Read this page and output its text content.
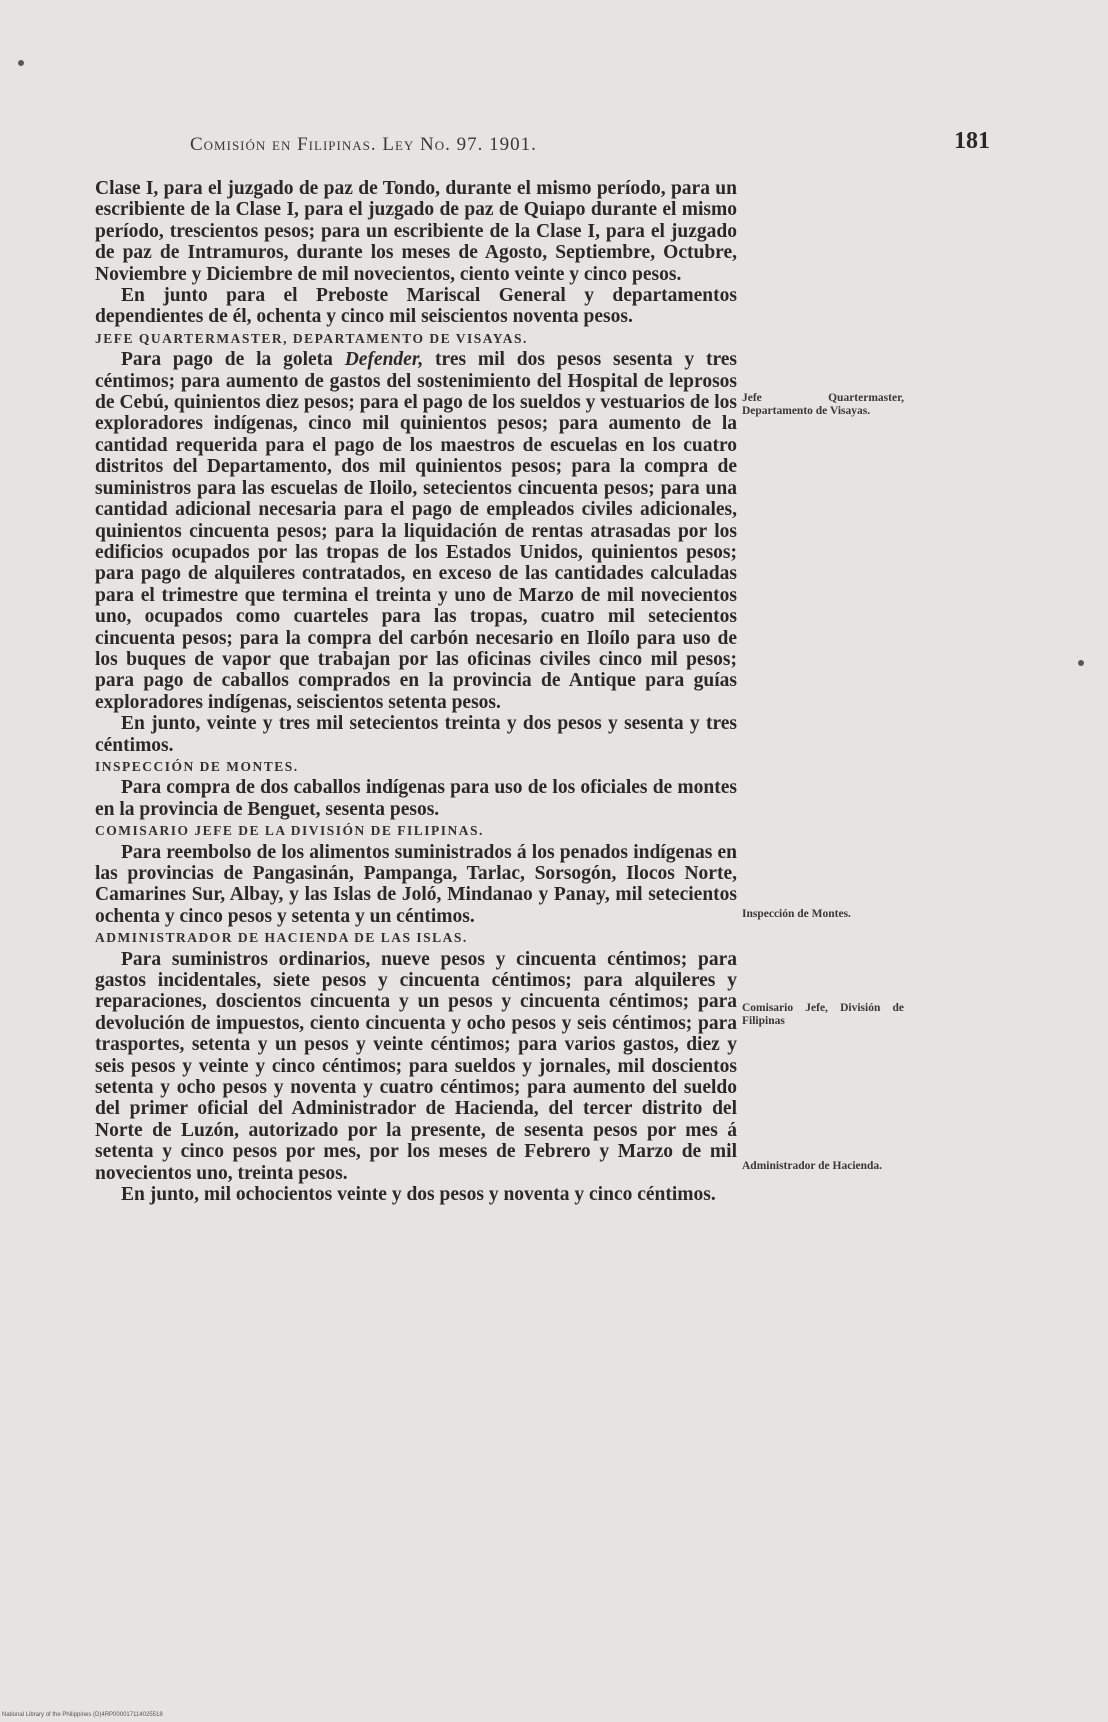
Comisión en Filipinas. Ley No. 97. 1901.	181

Clase I, para el juzgado de paz de Tondo, durante el mismo período, para un escribiente de la Clase I, para el juzgado de paz de Quiapo durante el mismo período, trescientos pesos; para un escribiente de la Clase I, para el juzgado de paz de Intramuros, durante los meses de Agosto, Septiembre, Octubre, Noviembre y Diciembre de mil novecientos, ciento veinte y cinco pesos.

En junto para el Preboste Mariscal General y departamentos dependientes de él, ochenta y cinco mil seiscientos noventa pesos.

JEFE QUARTERMASTER, DEPARTAMENTO DE VISAYAS.

Para pago de la goleta Defender, tres mil dos pesos sesenta y tres céntimos; para aumento de gastos del sostenimiento del Hospital de leprosos de Cebú, quinientos diez pesos; para el pago de los sueldos y vestuarios de los exploradores indígenas, cinco mil quinientos pesos; para aumento de la cantidad requerida para el pago de los maestros de escuelas en los cuatro distritos del Departamento, dos mil quinientos pesos; para la compra de suministros para las escuelas de Iloilo, setecientos cincuenta pesos; para una cantidad adicional necesaria para el pago de empleados civiles adicionales, quinientos cincuenta pesos; para la liquidación de rentas atrasadas por los edificios ocupados por las tropas de los Estados Unidos, quinientos pesos; para pago de alquileres contratados, en exceso de las cantidades calculadas para el trimestre que termina el treinta y uno de Marzo de mil novecientos uno, ocupados como cuarteles para las tropas, cuatro mil setecientos cincuenta pesos; para la compra del carbón necesario en Iloílo para uso de los buques de vapor que trabajan por las oficinas civiles cinco mil pesos; para pago de caballos comprados en la provincia de Antique para guías exploradores indígenas, seiscientos setenta pesos.

En junto, veinte y tres mil setecientos treinta y dos pesos y sesenta y tres céntimos.

INSPECCIÓN DE MONTES.

Para compra de dos caballos indígenas para uso de los oficiales de montes en la provincia de Benguet, sesenta pesos.

COMISARIO JEFE DE LA DIVISIÓN DE FILIPINAS.

Para reembolso de los alimentos suministrados á los penados indígenas en las provincias de Pangasinán, Pampanga, Tarlac, Sorsogón, Ilocos Norte, Camarines Sur, Albay, y las Islas de Joló, Mindanao y Panay, mil setecientos ochenta y cinco pesos y setenta y un céntimos.

ADMINISTRADOR DE HACIENDA DE LAS ISLAS.

Para suministros ordinarios, nueve pesos y cincuenta céntimos; para gastos incidentales, siete pesos y cincuenta céntimos; para alquileres y reparaciones, doscientos cincuenta y un pesos y cincuenta céntimos; para devolución de impuestos, ciento cincuenta y ocho pesos y seis céntimos; para trasportes, setenta y un pesos y veinte céntimos; para varios gastos, diez y seis pesos y veinte y cinco céntimos; para sueldos y jornales, mil doscientos setenta y ocho pesos y noventa y cuatro céntimos; para aumento del sueldo del primer oficial del Administrador de Hacienda, del tercer distrito del Norte de Luzón, autorizado por la presente, de sesenta pesos por mes á setenta y cinco pesos por mes, por los meses de Febrero y Marzo de mil novecientos uno, treinta pesos.

En junto, mil ochocientos veinte y dos pesos y noventa y cinco céntimos.

Jefe Quartermaster, Departamento de Visayas.
Inspección de Montes.
Comisario Jefe, División de Filipinas
Administrador de Hacienda.
National Library of the Philippines (D)4RP000017114025518
